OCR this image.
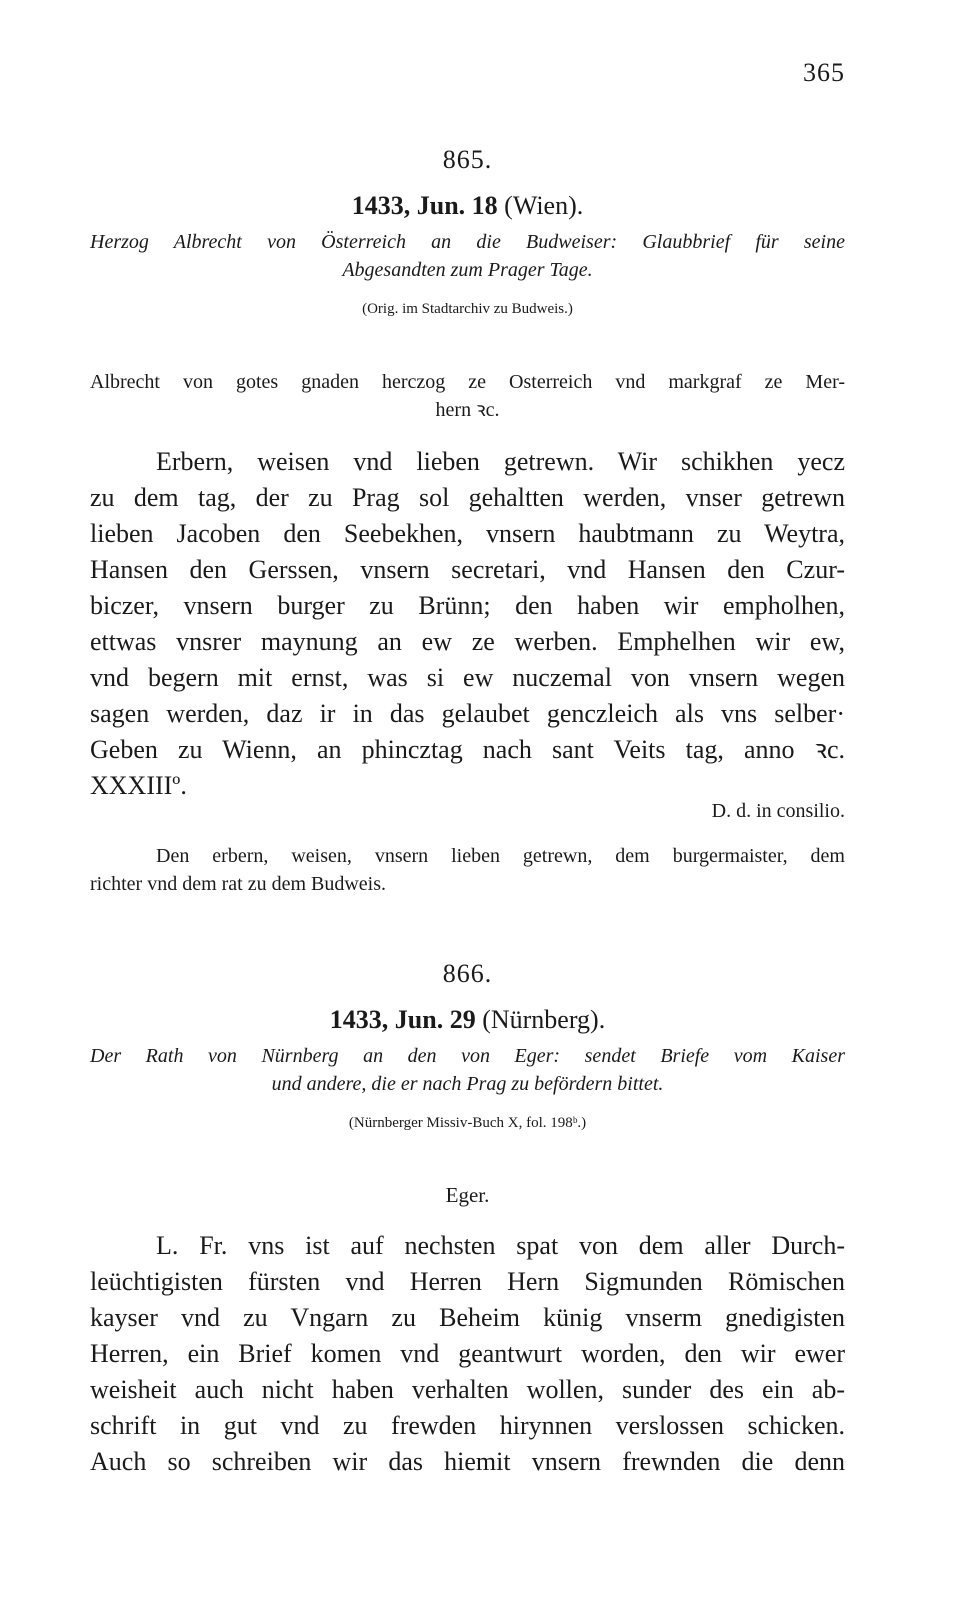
365
865.
1433, Jun. 18 (Wien).
Herzog Albrecht von Österreich an die Budweiser: Glaubbrief für seine
Abgesandten zum Prager Tage.
(Orig. im Stadtarchiv zu Budweis.)
Albrecht von gotes gnaden herczog ze Osterreich vnd markgraf ze Mer-
hern ꝛc.
Erbern, weisen vnd lieben getrewn. Wir schikhen yecz
zu dem tag, der zu Prag sol gehaltten werden, vnser getrewn
lieben Jacoben den Seebekhen, vnsern haubtmann zu Weytra,
Hansen den Gerssen, vnsern secretari, vnd Hansen den Czur-
biczer, vnsern burger zu Brünn; den haben wir empholhen,
ettwas vnsrer maynung an ew ze werben. Emphelhen wir ew,
vnd begern mit ernst, was si ew nuczemal von vnsern wegen
sagen werden, daz ir in das gelaubet genczleich als vns selber·
Geben zu Wienn, an phincztag nach sant Veits tag, anno ꝛc.
XXXIIIº.
D. d. in consilio.
Den erbern, weisen, vnsern lieben getrewn, dem burgermaister, dem
richter vnd dem rat zu dem Budweis.
866.
1433, Jun. 29 (Nürnberg).
Der Rath von Nürnberg an den von Eger: sendet Briefe vom Kaiser
und andere, die er nach Prag zu befördern bittet.
(Nürnberger Missiv-Buch X, fol. 198ᵇ.)
Eger.
L. Fr. vns ist auf nechsten spat von dem aller Durch-
leüchtigisten fürsten vnd Herren Hern Sigmunden Römischen
kayser vnd zu Vngarn zu Beheim künig vnserm gnedigisten
Herren, ein Brief komen vnd geantwurt worden, den wir ewer
weisheit auch nicht haben verhalten wollen, sunder des ein ab-
schrift in gut vnd zu frewden hirynnen verslossen schicken.
Auch so schreiben wir das hiemit vnsern frewnden die denn
